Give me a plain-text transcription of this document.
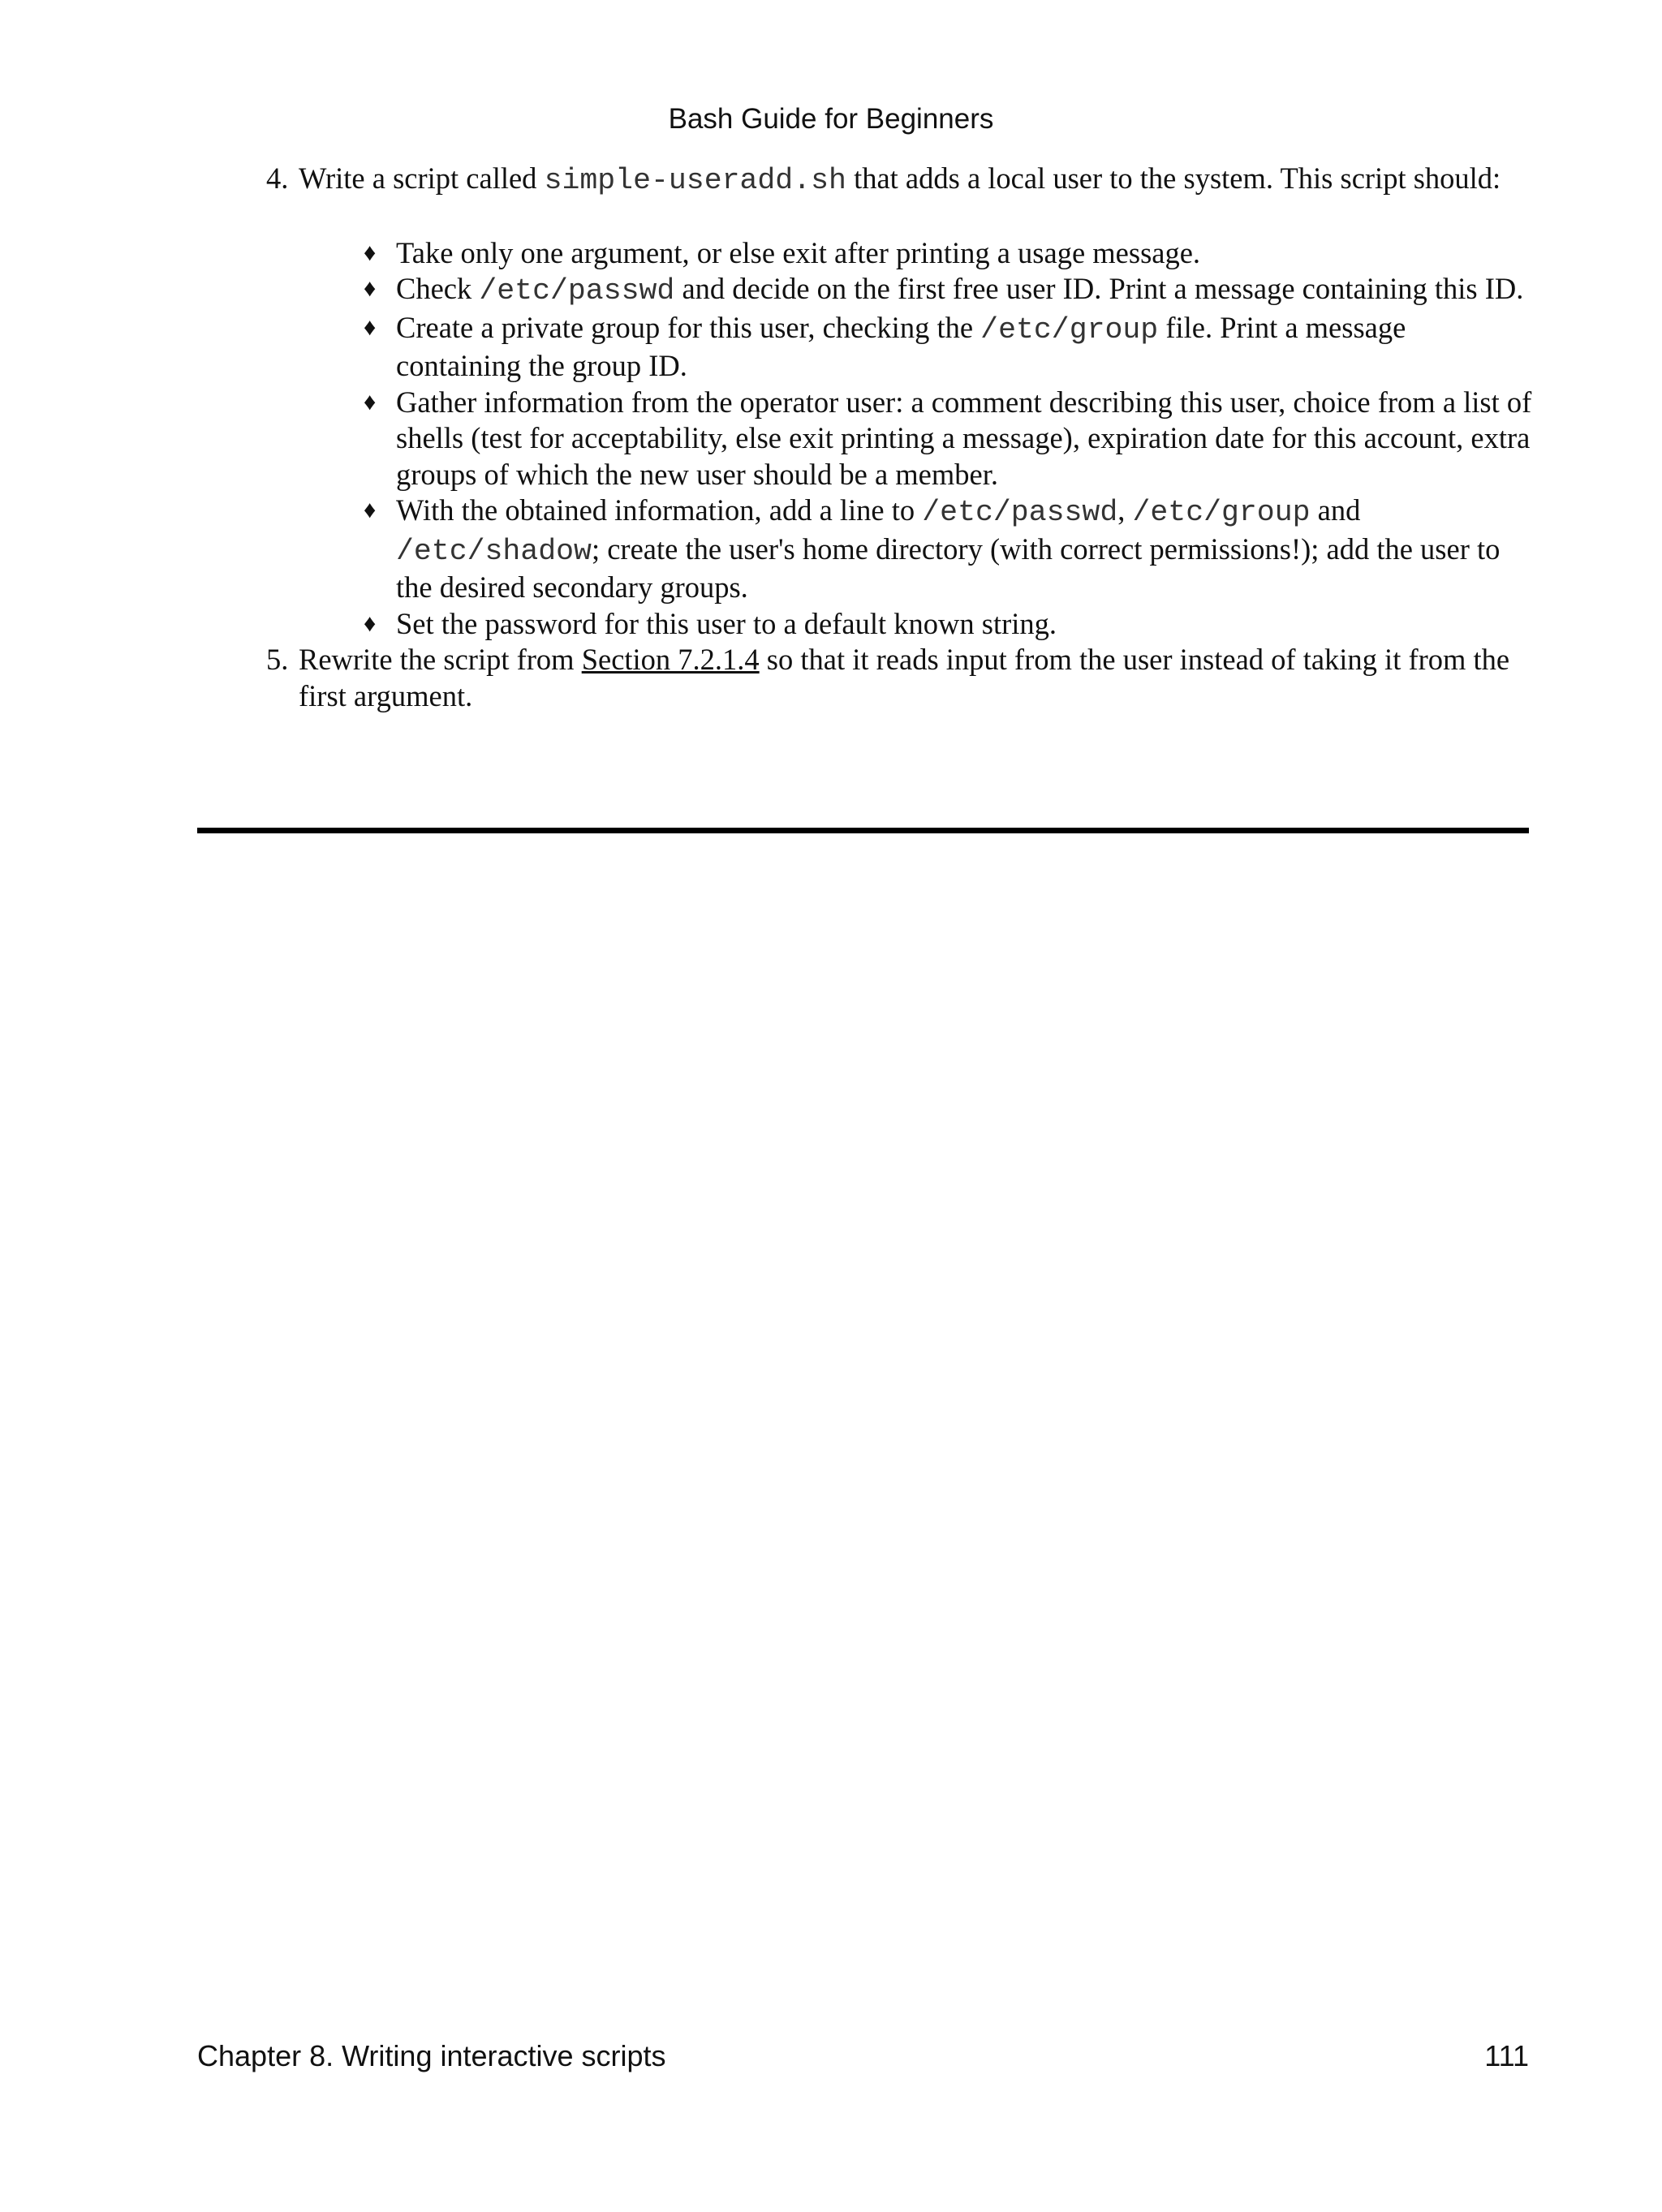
Bash Guide for Beginners
4. Write a script called simple-useradd.sh that adds a local user to the system. This script should:
♦ Take only one argument, or else exit after printing a usage message.
♦ Check /etc/passwd and decide on the first free user ID. Print a message containing this ID.
♦ Create a private group for this user, checking the /etc/group file. Print a message containing the group ID.
♦ Gather information from the operator user: a comment describing this user, choice from a list of shells (test for acceptability, else exit printing a message), expiration date for this account, extra groups of which the new user should be a member.
♦ With the obtained information, add a line to /etc/passwd, /etc/group and /etc/shadow; create the user's home directory (with correct permissions!); add the user to the desired secondary groups.
♦ Set the password for this user to a default known string.
5. Rewrite the script from Section 7.2.1.4 so that it reads input from the user instead of taking it from the first argument.
Chapter 8. Writing interactive scripts	111
